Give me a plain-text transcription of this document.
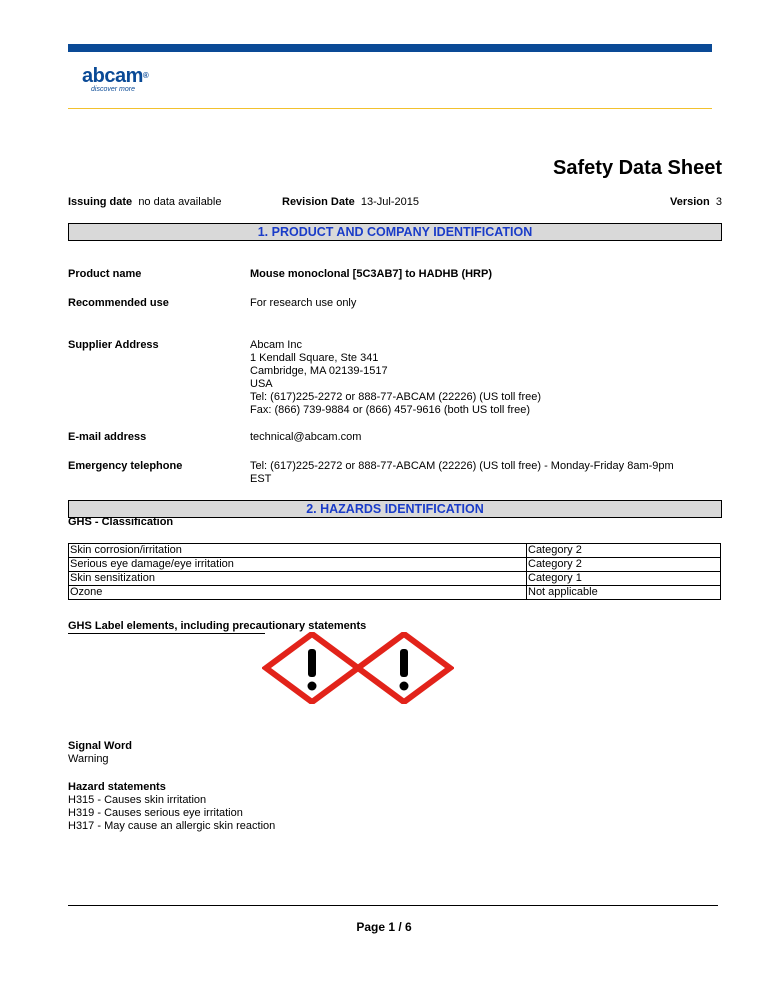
abcam®
discover more
Safety Data Sheet
Issuing date no data available	Revision Date 13-Jul-2015	Version 3
1. PRODUCT AND COMPANY IDENTIFICATION
Product name	Mouse monoclonal [5C3AB7] to HADHB (HRP)
Recommended use	For research use only
Supplier Address	Abcam Inc
1 Kendall Square, Ste 341
Cambridge, MA 02139-1517
USA
Tel: (617)225-2272 or 888-77-ABCAM (22226) (US toll free)
Fax: (866) 739-9884 or (866) 457-9616 (both US toll free)
E-mail address	technical@abcam.com
Emergency telephone	Tel: (617)225-2272 or 888-77-ABCAM (22226) (US toll free) - Monday-Friday 8am-9pm
EST
2. HAZARDS IDENTIFICATION
GHS - Classification
Skin corrosion/irritation	Category 2
Serious eye damage/eye irritation	Category 2
Skin sensitization	Category 1
Ozone	Not applicable
GHS Label elements, including precautionary statements
Signal Word
Warning
Hazard statements
H315 - Causes skin irritation
H319 - Causes serious eye irritation
H317 - May cause an allergic skin reaction
Page 1 / 6
